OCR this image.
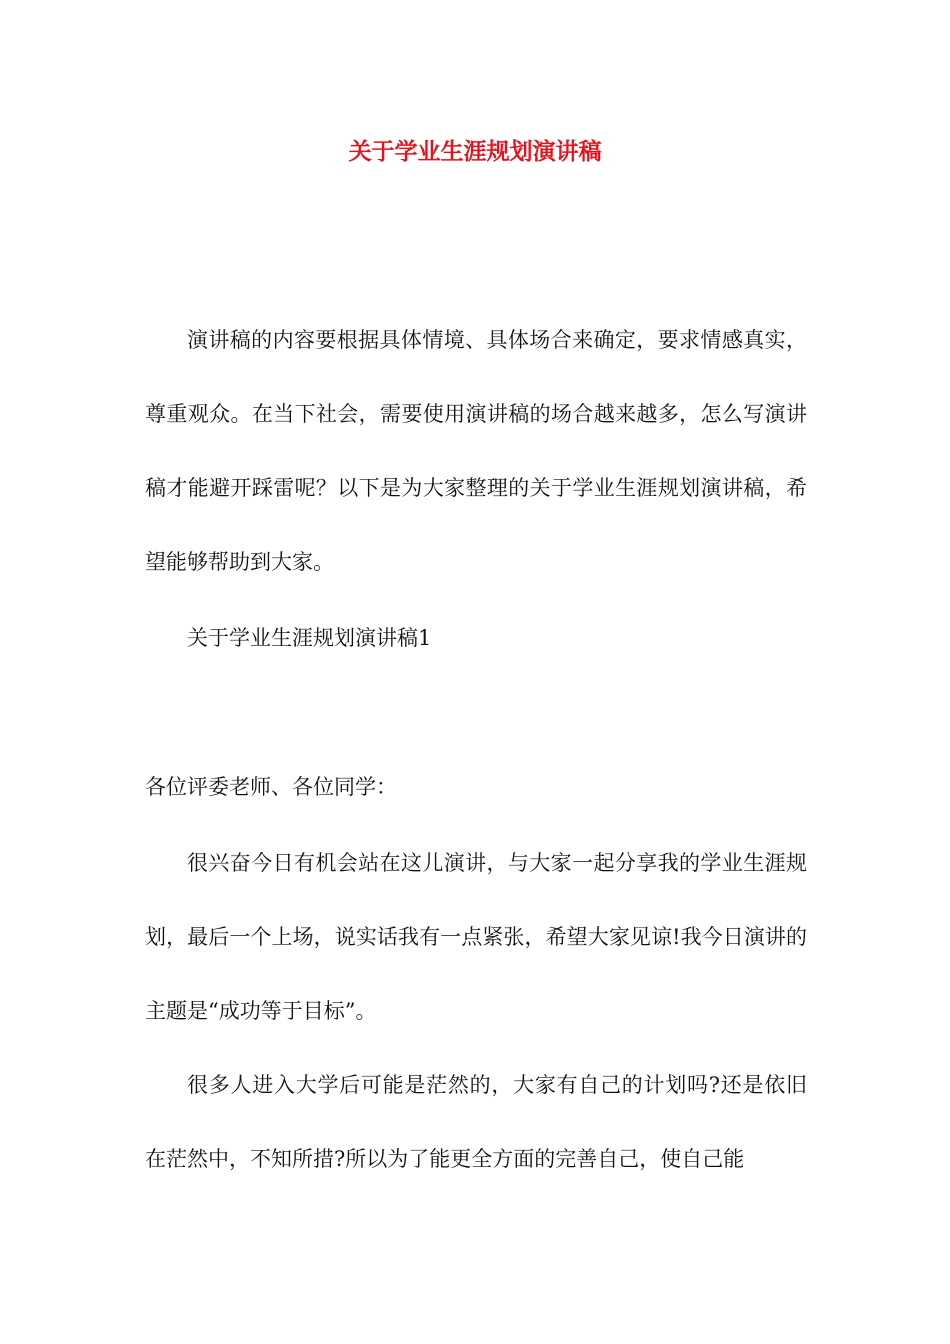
关于学业生涯规划演讲稿

演讲稿的内容要根据具体情境、具体场合来确定，要求情感真实，尊重观众。在当下社会，需要使用演讲稿的场合越来越多，怎么写演讲稿才能避开踩雷呢？以下是为大家整理的关于学业生涯规划演讲稿，希望能够帮助到大家。

关于学业生涯规划演讲稿1

各位评委老师、各位同学：

很兴奋今日有机会站在这儿演讲，与大家一起分享我的学业生涯规划，最后一个上场，说实话我有一点紧张，希望大家见谅!我今日演讲的主题是“成功等于目标”。

很多人进入大学后可能是茫然的，大家有自己的计划吗?还是依旧在茫然中，不知所措?所以为了能更全方面的完善自己，使自己能
